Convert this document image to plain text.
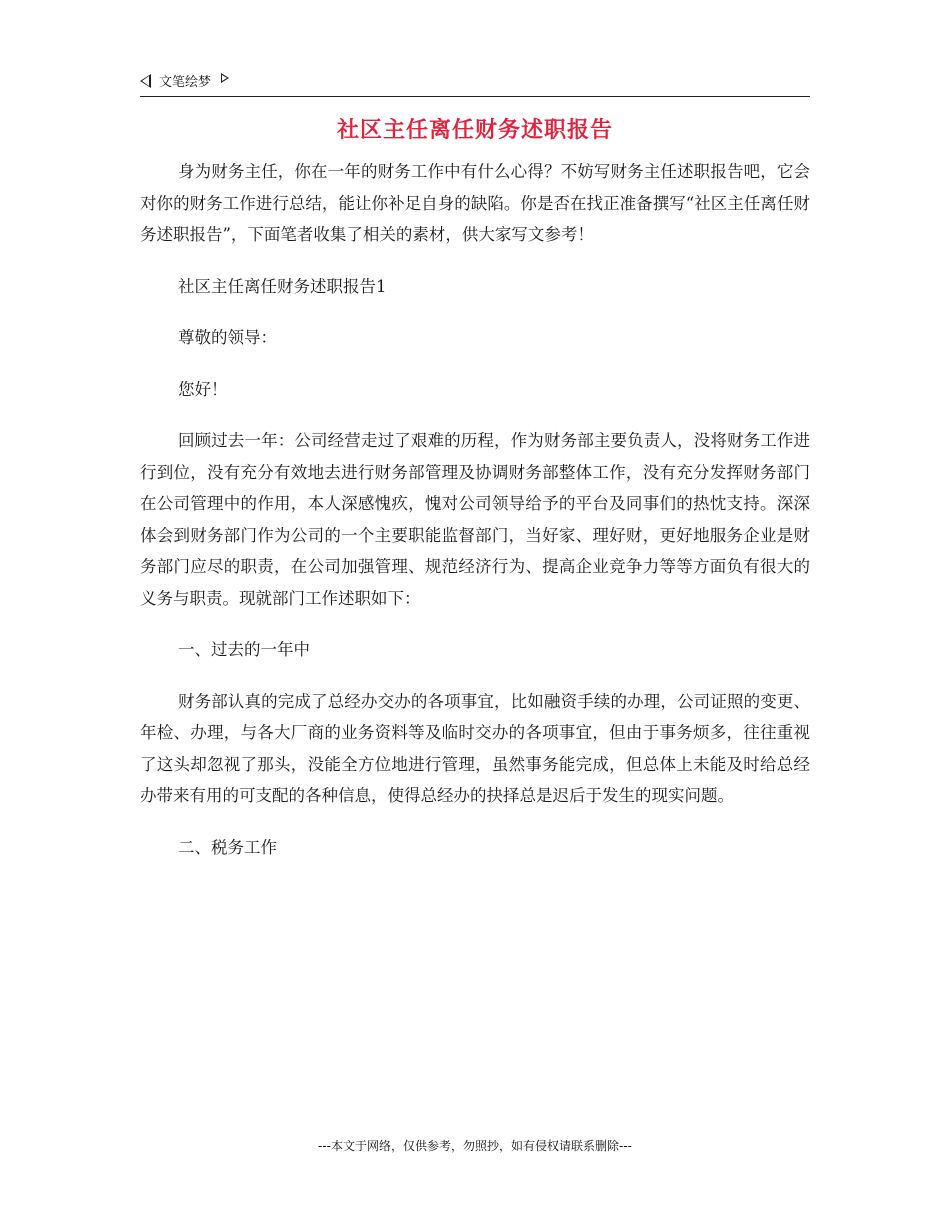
文笔绘梦
社区主任离任财务述职报告

身为财务主任，你在一年的财务工作中有什么心得？不妨写财务主任述职报告吧，它会对你的财务工作进行总结，能让你补足自身的缺陷。你是否在找正准备撰写“社区主任离任财务述职报告”，下面笔者收集了相关的素材，供大家写文参考！

社区主任离任财务述职报告1

尊敬的领导：

您好！

回顾过去一年：公司经营走过了艰难的历程，作为财务部主要负责人，没将财务工作进行到位，没有充分有效地去进行财务部管理及协调财务部整体工作，没有充分发挥财务部门在公司管理中的作用，本人深感愧疚，愧对公司领导给予的平台及同事们的热忱支持。深深体会到财务部门作为公司的一个主要职能监督部门，当好家、理好财，更好地服务企业是财务部门应尽的职责，在公司加强管理、规范经济行为、提高企业竞争力等等方面负有很大的义务与职责。现就部门工作述职如下：

一、过去的一年中

财务部认真的完成了总经办交办的各项事宜，比如融资手续的办理，公司证照的变更、年检、办理，与各大厂商的业务资料等及临时交办的各项事宜，但由于事务烦多，往往重视了这头却忽视了那头，没能全方位地进行管理，虽然事务能完成，但总体上未能及时给总经办带来有用的可支配的各种信息，使得总经办的抉择总是迟后于发生的现实问题。

二、税务工作

---本文于网络，仅供参考，勿照抄，如有侵权请联系删除---
